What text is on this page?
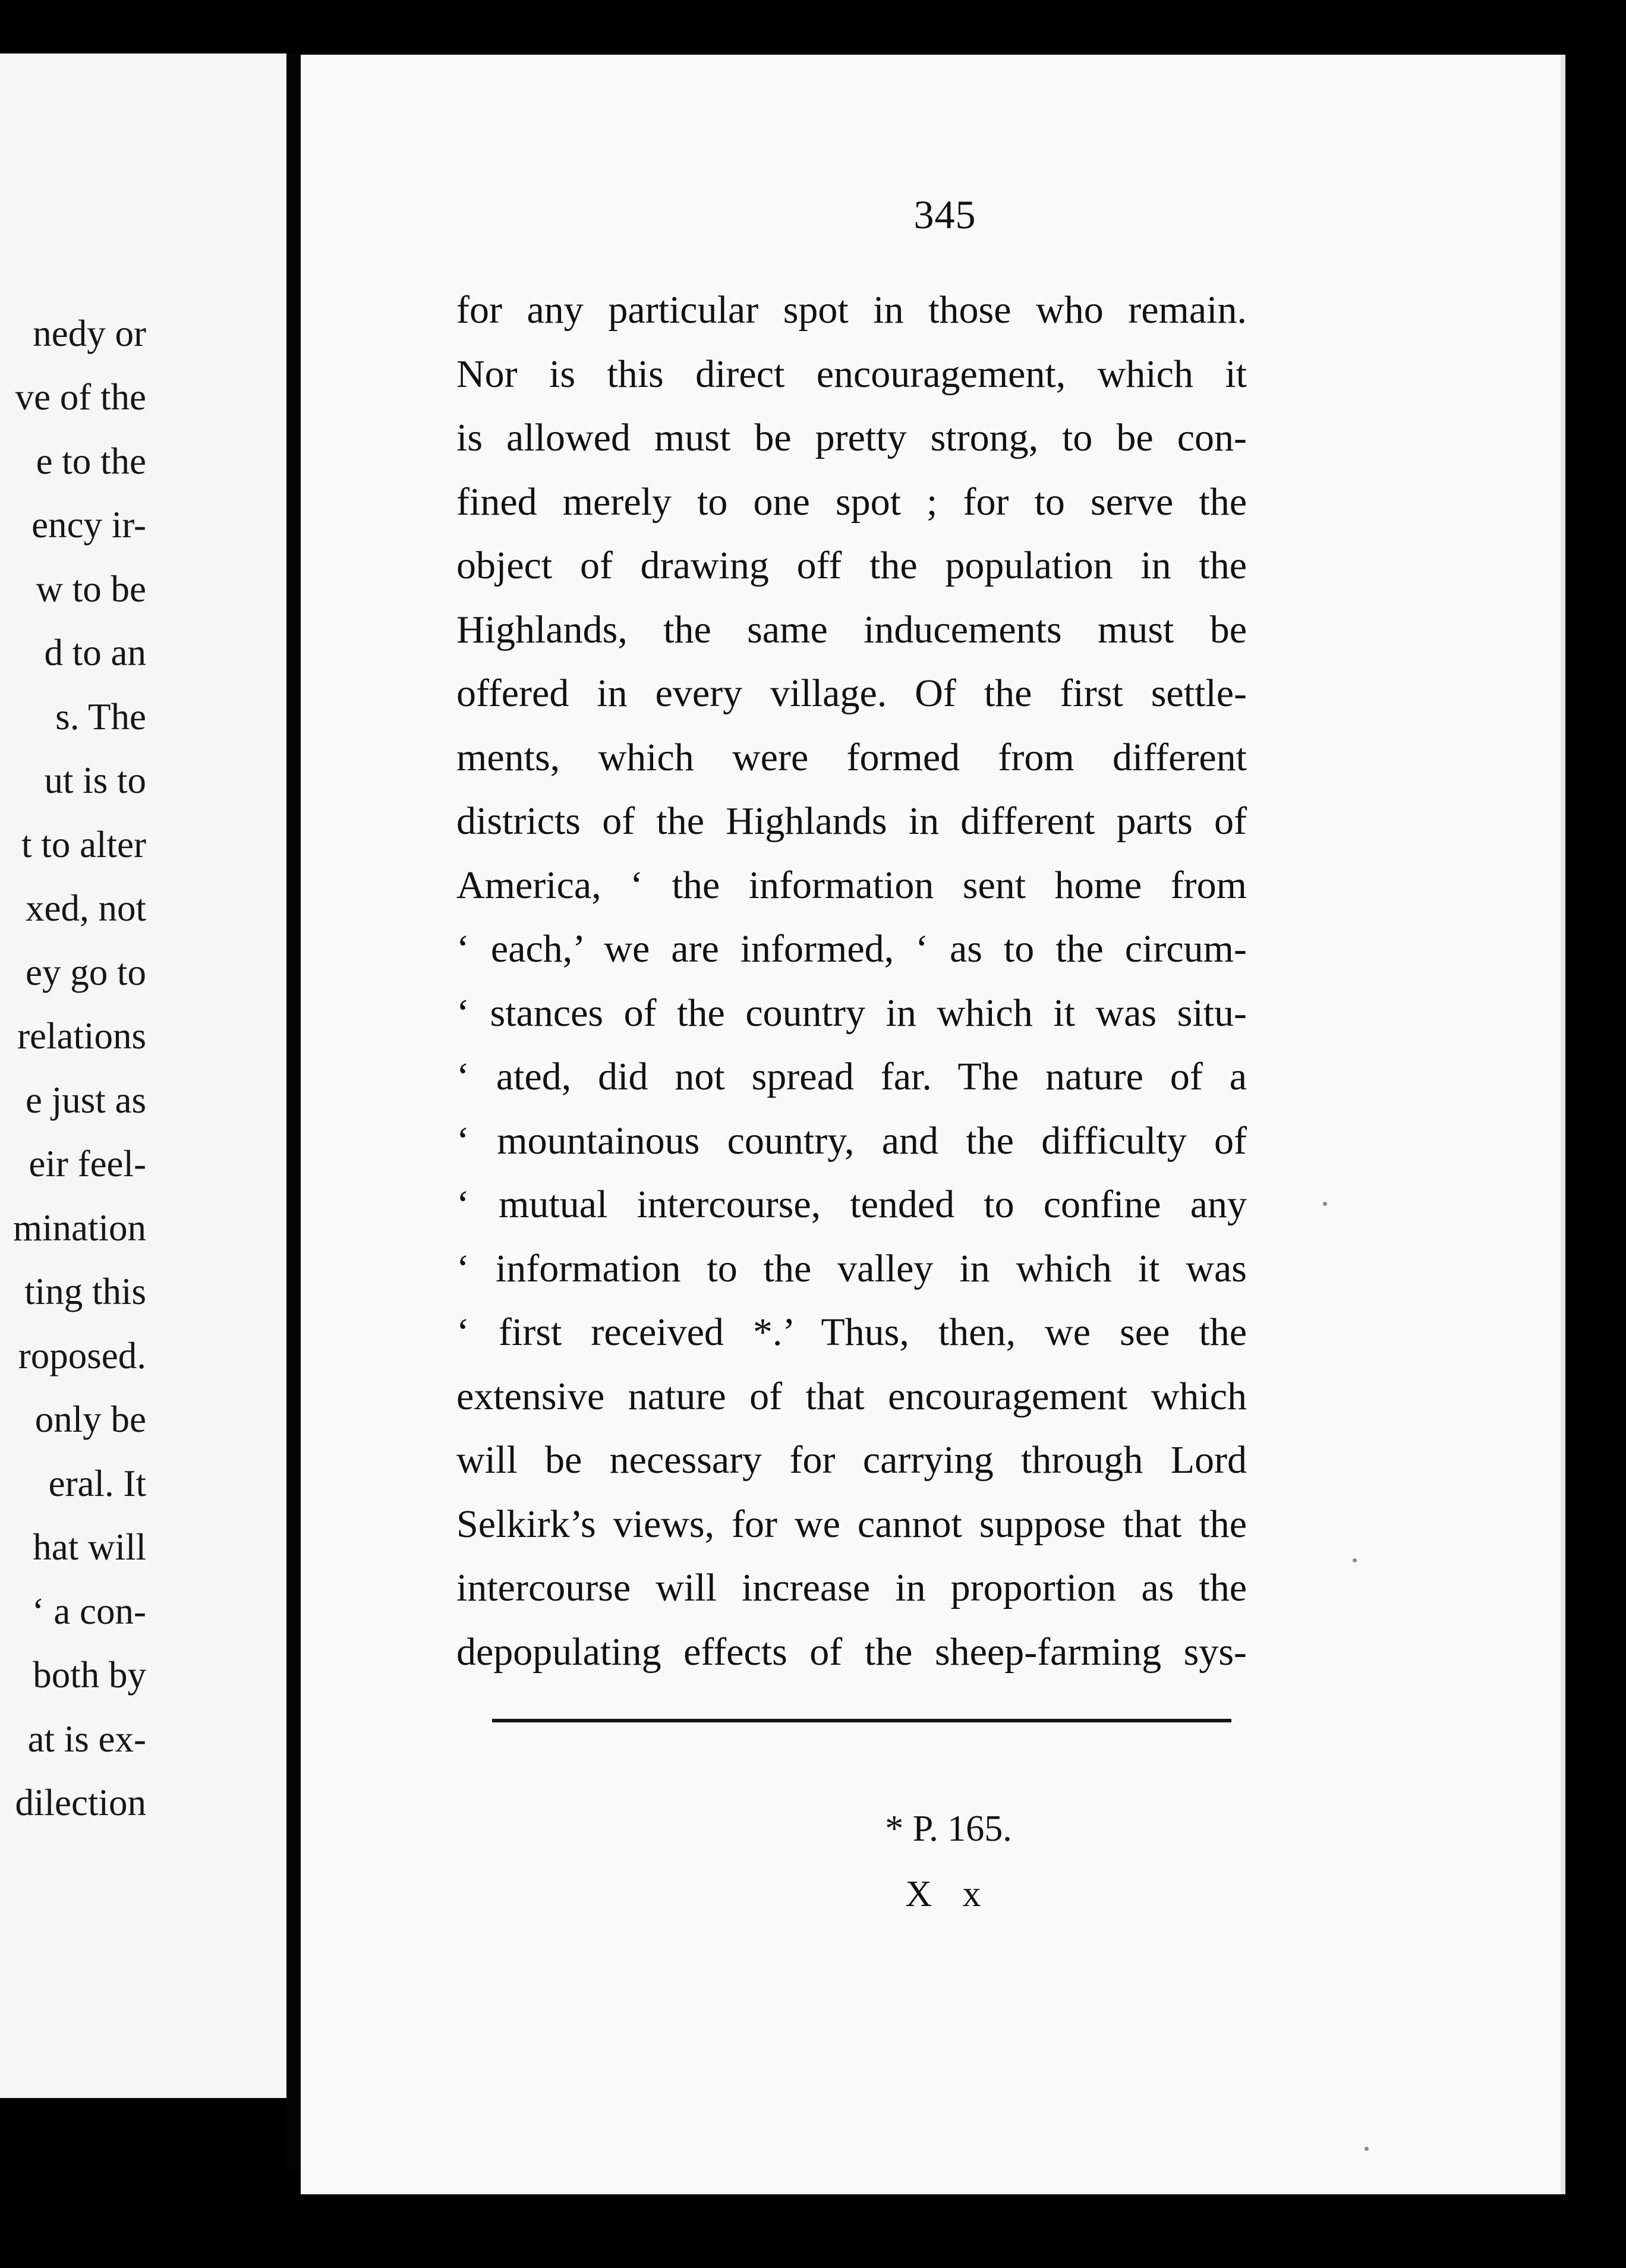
nedy or
ve of the
e to the
ency ir-
w to be
d to an
s. The
ut is to
t to alter
xed, not
ey go to
relations
e just as
eir feel-
mination
ting this
roposed.
only be
eral. It
hat will
‘ a con-
both by
at is ex-
dilection
345
for any particular spot in those who remain.
Nor is this direct encouragement, which it
is allowed must be pretty strong, to be con-
fined merely to one spot ; for to serve the
object of drawing off the population in the
Highlands, the same inducements must be
offered in every village. Of the first settle-
ments, which were formed from different
districts of the Highlands in different parts of
America, ‘ the information sent home from
‘ each,’ we are informed, ‘ as to the circum-
‘ stances of the country in which it was situ-
‘ ated, did not spread far. The nature of a
‘ mountainous country, and the difficulty of
‘ mutual intercourse, tended to confine any
‘ information to the valley in which it was
‘ first received *.’ Thus, then, we see the
extensive nature of that encouragement which
will be necessary for carrying through Lord
Selkirk’s views, for we cannot suppose that the
intercourse will increase in proportion as the
depopulating effects of the sheep-farming sys-
* P. 165.
X x
